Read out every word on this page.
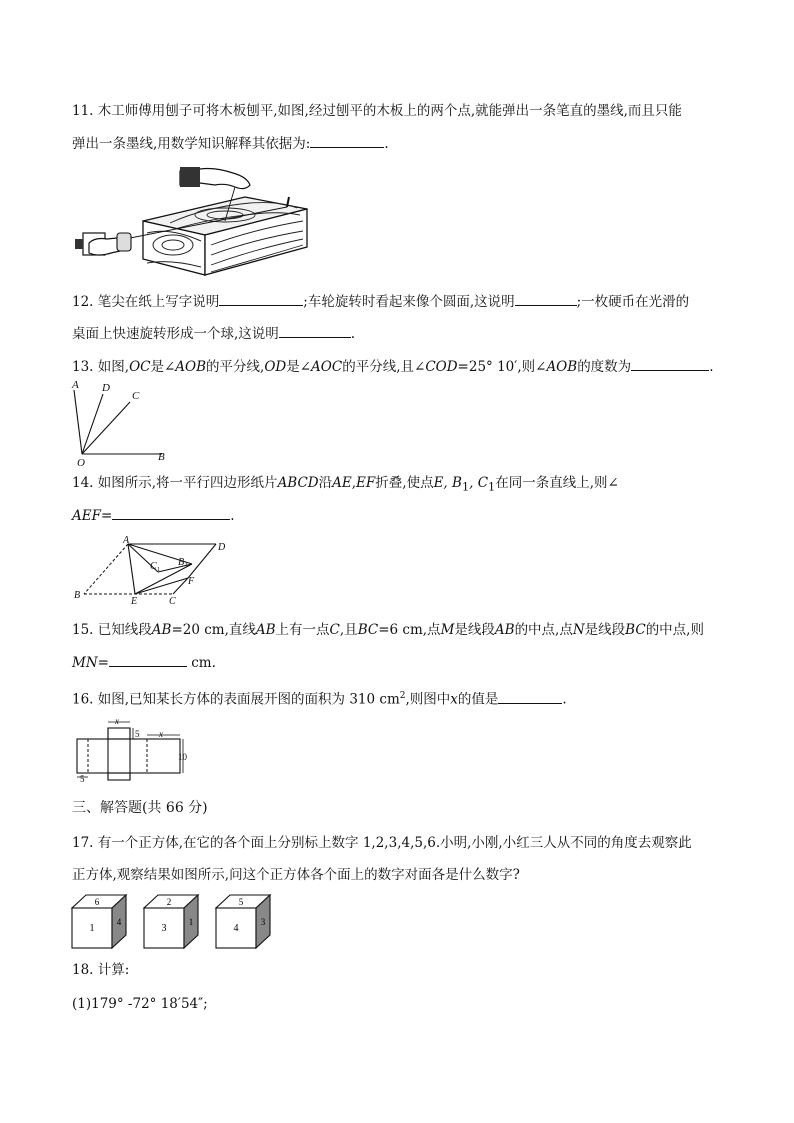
11. 木工师傅用刨子可将木板刨平,如图,经过刨平的木板上的两个点,就能弹出一条笔直的墨线,而且只能
弹出一条墨线,用数学知识解释其依据为:	.
12. 笔尖在纸上写字说明	;车轮旋转时看起来像个圆面,这说明	;一枚硬币在光滑的
桌面上快速旋转形成一个球,这说明	.
13. 如图,OC是∠AOB的平分线,OD是∠AOC的平分线,且∠COD=25° 10′,则∠AOB的度数为	.
A D
C
O	B
14. 如图所示,将一平行四边形纸片ABCD沿AE,EF折叠,使点E, $B_1$, $C_1$在同一条直线上,则∠
AEF=	.
A
D
C 1
B 1
F
B
E	C
15. 已知线段AB=20 cm,直线AB上有一点C,且BC=6 cm,点M是线段AB的中点,点N是线段BC的中点,则
MN=	cm.
16. 如图,已知某长方体的表面展开图的面积为 310 $cm^2$,则图中x的值是	.
x
x
5
5
10
三、解答题(共 66 分)
17. 有一个正方体,在它的各个面上分别标上数字 1,2,3,4,5,6.小明,小刚,小红三人从不同的角度去观察此
正方体,观察结果如图所示,问这个正方体各个面上的数字对面各是什么数字?
6
1
4
2
3
1
5
4
3
18. 计算:
(1)179° -72° 18′54″;
